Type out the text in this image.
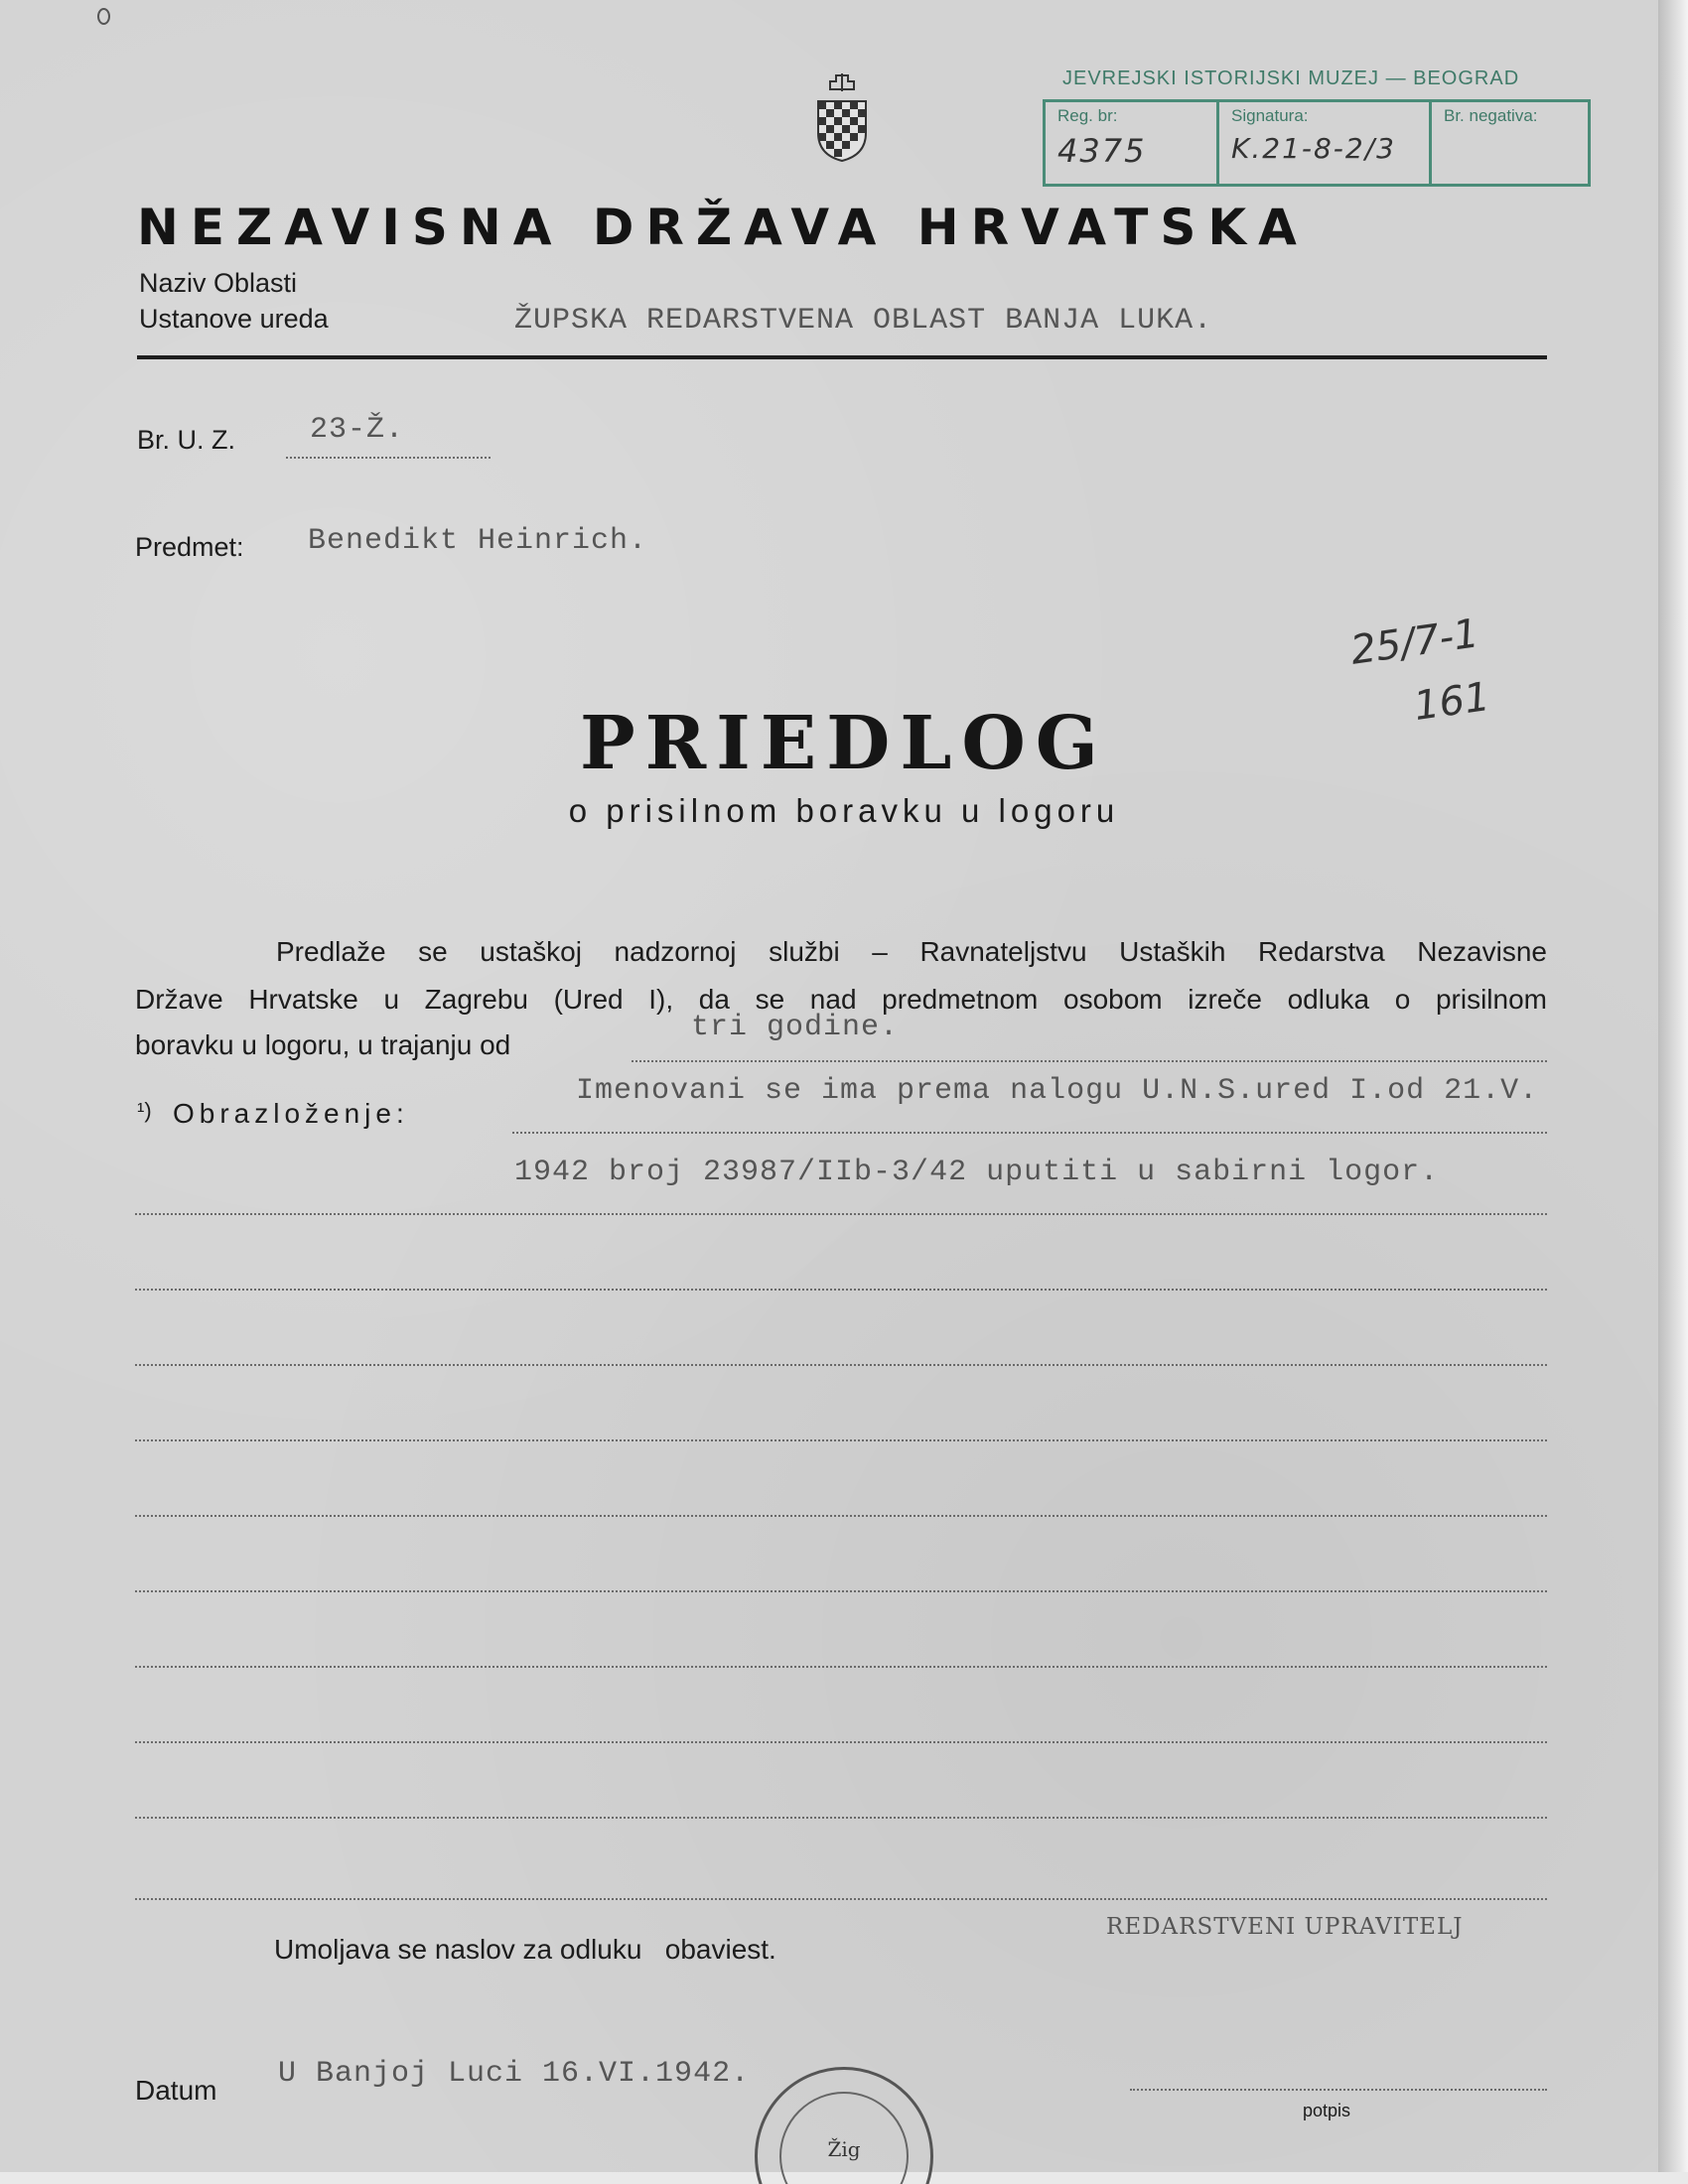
JEVREJSKI ISTORIJSKI MUZEJ — BEOGRAD
Reg. br:
4375
Signatura:
K.21-8-2/3
Br. negativa:
NEZAVISNA DRŽAVA HRVATSKA
Naziv Oblasti
Ustanove ureda	ŽUPSKA REDARSTVENA OBLAST BANJA LUKA.
Br. U. Z. 23-Ž.
Predmet: Benedikt Heinrich.
25/7-1
161
PRIEDLOG
o prisilnom boravku u logoru
Predlaže se ustaškoj nadzornoj službi – Ravnateljstvu Ustaških Redarstva Nezavisne
Države Hrvatske u Zagrebu (Ured I), da se nad predmetnom osobom izreče odluka o prisilnom
boravku u logoru, u trajanju od
tri godine.
¹) Obrazloženje:
Imenovani se ima prema nalogu U.N.S.ured I.od 21.V.
1942 broj 23987/IIb-3/42 uputiti u sabirni logor.
Umoljava se naslov za odluku   obaviest.
REDARSTVENI UPRAVITELJ
Datum U Banjoj Luci 16.VI.1942.
potpis
Žig
